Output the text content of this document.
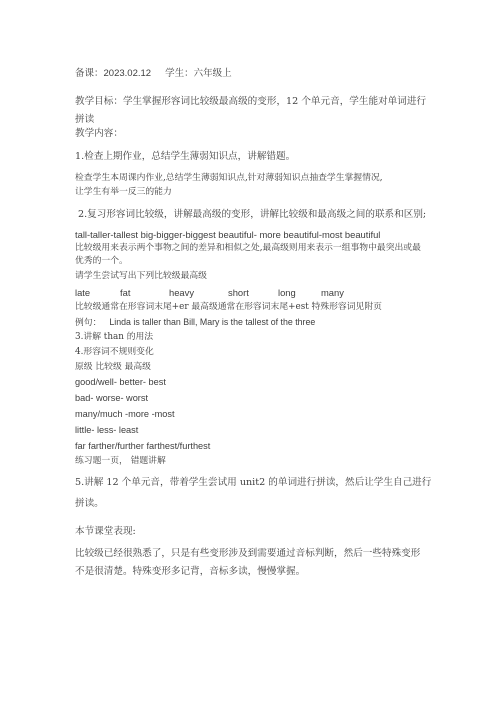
备课：2023.02.12 学生：六年级上
教学目标：学生掌握形容词比较级最高级的变形，12 个单元音，学生能对单词进行
拼读
教学内容：
1.检查上期作业，总结学生薄弱知识点，讲解错题。
检查学生本周课内作业,总结学生薄弱知识点,针对薄弱知识点抽查学生掌握情况,
让学生有举一反三的能力
2.复习形容词比较级，讲解最高级的变形，讲解比较级和最高级之间的联系和区别;
tall-taller-tallest big-bigger-biggest beautiful- more beautiful-most beautiful
比较级用来表示两个事物之间的差异和相似之处,最高级则用来表示一组事物中最突出或最
优秀的一个。
请学生尝试写出下列比较级最高级
late	fat	heavy	short	long	many
比较级通常在形容词末尾+er 最高级通常在形容词末尾+est 特殊形容词见附页
例句： Linda is taller than Bill, Mary is the tallest of the three
3.讲解 than 的用法
4.形容词不规则变化
原级 比较级 最高级
good/well- better- best
bad- worse- worst
many/much -more -most
little- less- least
far farther/further farthest/furthest
练习题一页， 错题讲解
5.讲解 12 个单元音，带着学生尝试用 unit2 的单词进行拼读，然后让学生自己进行
拼读。
本节课堂表现:
比较级已经很熟悉了，只是有些变形涉及到需要通过音标判断，然后一些特殊变形
不是很清楚。特殊变形多记背，音标多读，慢慢掌握。
